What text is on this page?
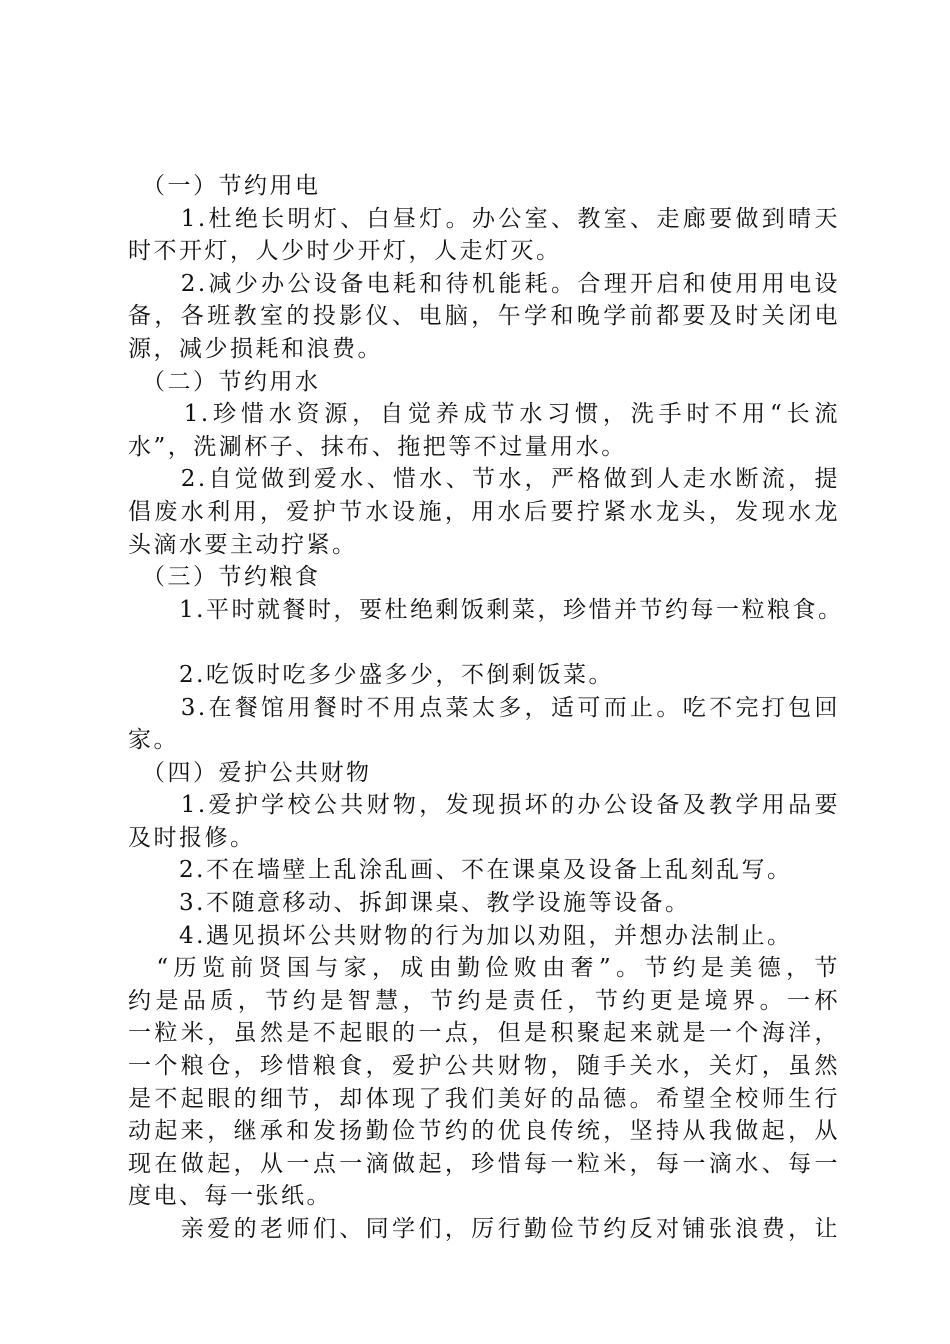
　（一）节约用电

　　1.杜绝长明灯、白昼灯。办公室、教室、走廊要做到晴天

时不开灯，人少时少开灯，人走灯灭。

　　2.减少办公设备电耗和待机能耗。合理开启和使用用电设

备，各班教室的投影仪、电脑，午学和晚学前都要及时关闭电

源，减少损耗和浪费。

　（二）节约用水

　　1.珍惜水资源，自觉养成节水习惯，洗手时不用“长流

水”，洗涮杯子、抹布、拖把等不过量用水。

　　2.自觉做到爱水、惜水、节水，严格做到人走水断流，提

倡废水利用，爱护节水设施，用水后要拧紧水龙头，发现水龙

头滴水要主动拧紧。

　（三）节约粮食

　　1.平时就餐时，要杜绝剩饭剩菜，珍惜并节约每一粒粮食。

　　2.吃饭时吃多少盛多少，不倒剩饭菜。

　　3.在餐馆用餐时不用点菜太多，适可而止。吃不完打包回

家。

　（四）爱护公共财物

　　1.爱护学校公共财物，发现损坏的办公设备及教学用品要

及时报修。

　　2.不在墙壁上乱涂乱画、不在课桌及设备上乱刻乱写。

　　3.不随意移动、拆卸课桌、教学设施等设备。

　　4.遇见损坏公共财物的行为加以劝阻，并想办法制止。

　“历览前贤国与家，成由勤俭败由奢”。节约是美德，节

约是品质，节约是智慧，节约是责任，节约更是境界。一杯

一粒米，虽然是不起眼的一点，但是积聚起来就是一个海洋，

一个粮仓，珍惜粮食，爱护公共财物，随手关水，关灯，虽然

是不起眼的细节，却体现了我们美好的品德。希望全校师生行

动起来，继承和发扬勤俭节约的优良传统，坚持从我做起，从

现在做起，从一点一滴做起，珍惜每一粒米，每一滴水、每一

度电、每一张纸。

　　亲爱的老师们、同学们，厉行勤俭节约反对铺张浪费，让
